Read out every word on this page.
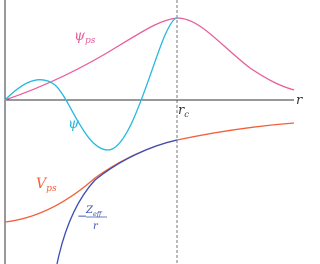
$\psi_{ps}$
ψ
$r_c$
r
$V_{ps}$
−
$Z_{eff}$
r
